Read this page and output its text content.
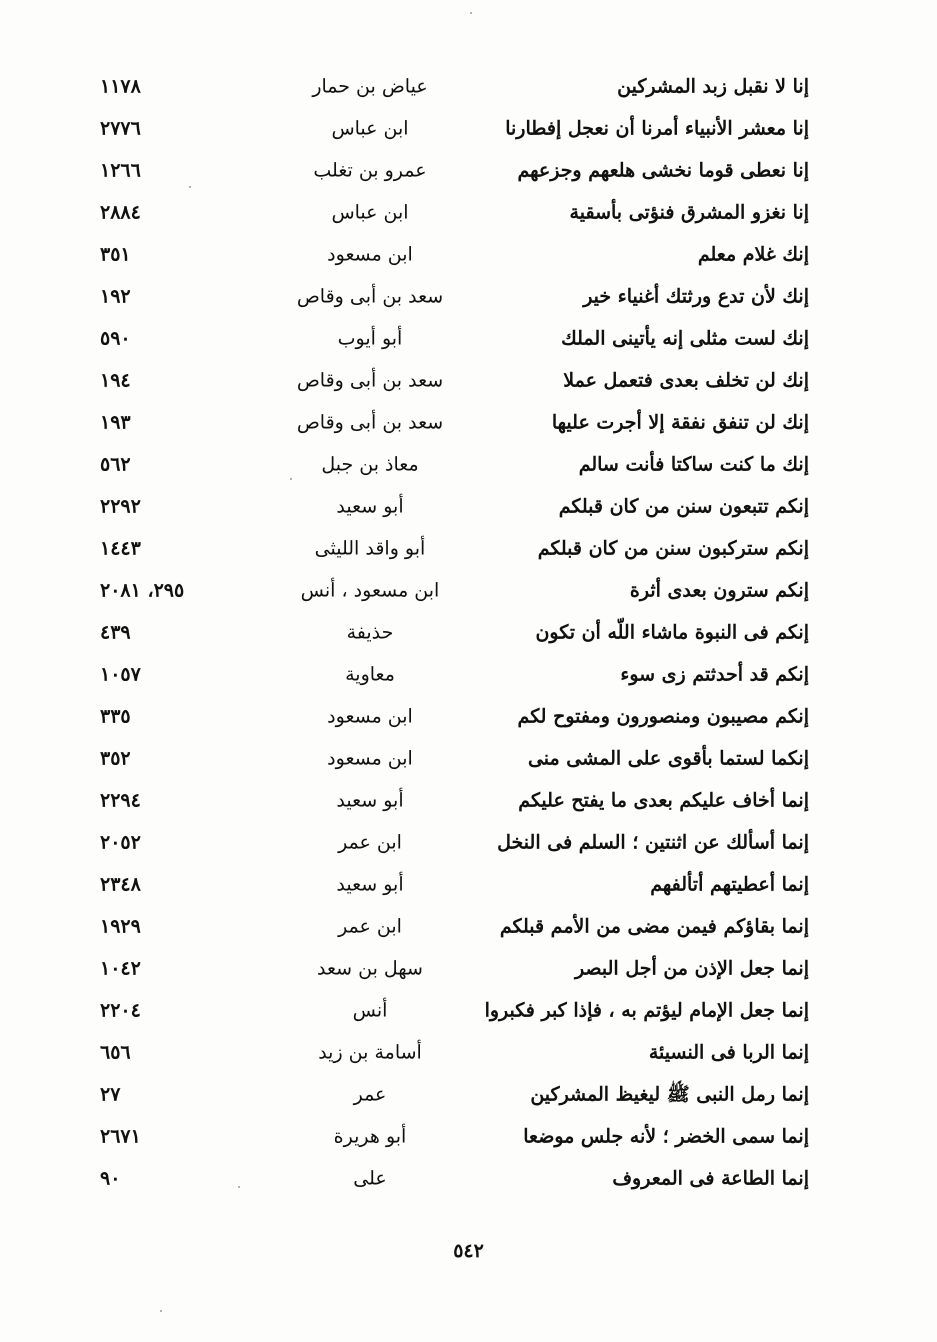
إنا لا نقبل زبد المشركين
عياض بن حمار
١١٧٨
إنا معشر الأنبياء أمرنا أن نعجل إفطارنا
ابن عباس
٢٧٧٦
إنا نعطى قوما نخشى هلعهم وجزعهم
عمرو بن تغلب
١٢٦٦
إنا نغزو المشرق فنؤتى بأسقية
ابن عباس
٢٨٨٤
إنك غلام معلم
ابن مسعود
٣٥١
إنك لأن تدع ورثتك أغنياء خير
سعد بن أبى وقاص
١٩٢
إنك لست مثلى إنه يأتينى الملك
أبو أيوب
٥٩٠
إنك لن تخلف بعدى فتعمل عملا
سعد بن أبى وقاص
١٩٤
إنك لن تنفق نفقة إلا أجرت عليها
سعد بن أبى وقاص
١٩٣
إنك ما كنت ساكتا فأنت سالم
معاذ بن جبل
٥٦٢
إنكم تتبعون سنن من كان قبلكم
أبو سعيد
٢٢٩٢
إنكم ستركبون سنن من كان قبلكم
أبو واقد الليثى
١٤٤٣
إنكم سترون بعدى أثرة
ابن مسعود ، أنس
٢٩٥، ٢٠٨١
إنكم فى النبوة ماشاء اللّه أن تكون
حذيفة
٤٣٩
إنكم قد أحدثتم زى سوء
معاوية
١٠٥٧
إنكم مصيبون ومنصورون ومفتوح لكم
ابن مسعود
٣٣٥
إنكما لستما بأقوى على المشى منى
ابن مسعود
٣٥٢
إنما أخاف عليكم بعدى ما يفتح عليكم
أبو سعيد
٢٢٩٤
إنما أسألك عن اثنتين ؛ السلم فى النخل
ابن عمر
٢٠٥٢
إنما أعطيتهم أتألفهم
أبو سعيد
٢٣٤٨
إنما بقاؤكم فيمن مضى من الأمم قبلكم
ابن عمر
١٩٢٩
إنما جعل الإذن من أجل البصر
سهل بن سعد
١٠٤٢
إنما جعل الإمام ليؤتم به ، فإذا كبر فكبروا
أنس
٢٢٠٤
إنما الربا فى النسيئة
أسامة بن زيد
٦٥٦
إنما رمل النبى ﷺ ليغيظ المشركين
عمر
٢٧
إنما سمى الخضر ؛ لأنه جلس موضعا
أبو هريرة
٢٦٧١
إنما الطاعة فى المعروف
على
٩٠
٥٤٢
